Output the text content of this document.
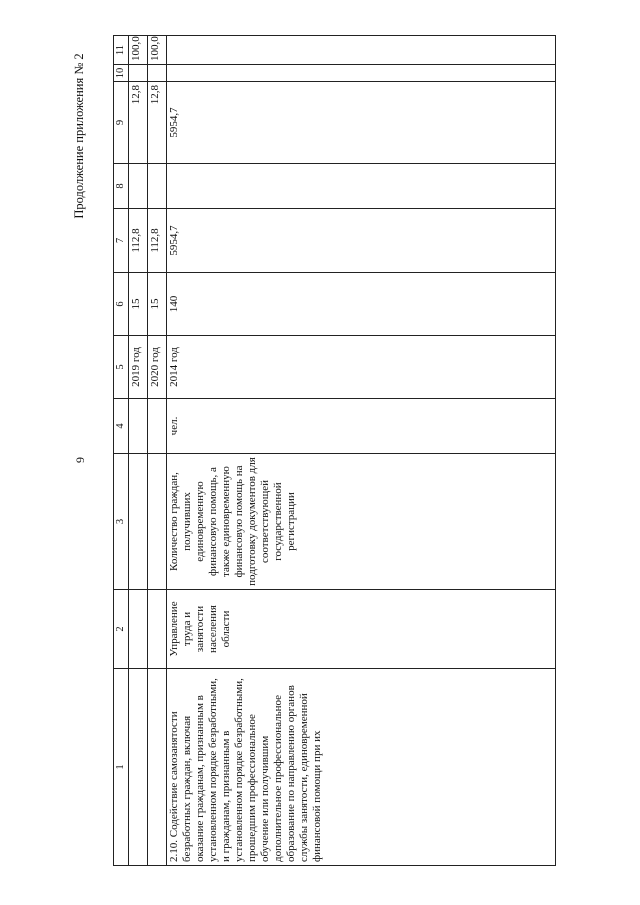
9
Продолжение приложения № 2
1	2	3	4	5	6	7	8	9	10	11
				2019 год	15	112,8		12,8		100,0
				2020 год	15	112,8		12,8		100,0
2.10. Содействие самозанятости безработных граждан, включая оказание гражданам, признанным в установленном порядке безработными, и гражданам, признанным в установленном порядке безработными, прошедшим профессиональное обучение или получившим дополнительное профессиональное образование по направлению органов службы занятости, единовременной финансовой помощи при их	Управление труда и занятости населения области	Количество граждан, получивших единовременную финансовую помощь, а также единовременную финансовую помощь на подготовку документов для соответствующей государственной регистрации	чел.	2014 год	140	5954,7		5954,7		
